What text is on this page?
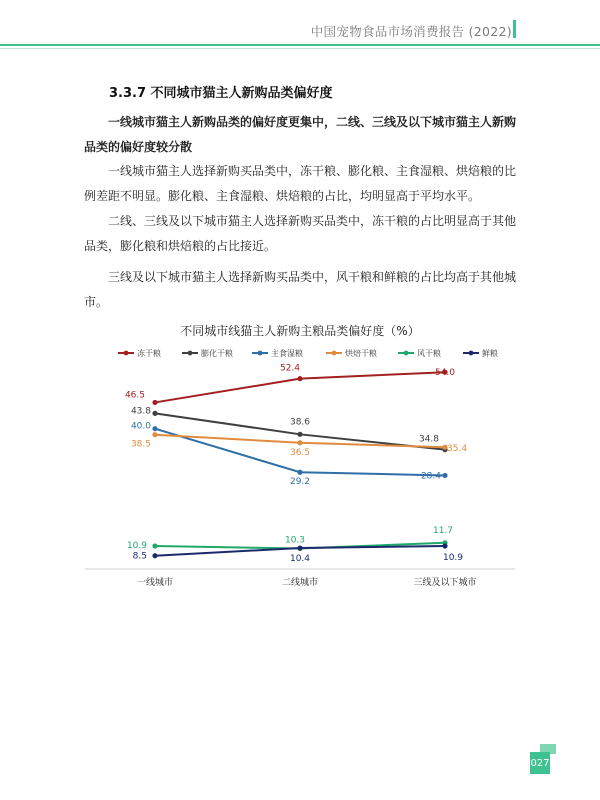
中国宠物食品市场消费报告 (2022)
3.3.7 不同城市猫主人新购品类偏好度

一线城市猫主人新购品类的偏好度更集中，二线、三线及以下城市猫主人新购品类的偏好度较分散

一线城市猫主人选择新购买品类中，冻干粮、膨化粮、主食湿粮、烘焙粮的比例差距不明显。膨化粮、主食湿粮、烘焙粮的占比，均明显高于平均水平。

二线、三线及以下城市猫主人选择新购买品类中，冻干粮的占比明显高于其他品类，膨化粮和烘焙粮的占比接近。

三线及以下城市猫主人选择新购买品类中，风干粮和鲜粮的占比均高于其他城市。

不同城市线猫主人新购主粮品类偏好度（%）
一线城市	二线城市	三线及以下城市
冻干粮	膨化干粮	主食湿粮	烘焙干粮	风干粮	鲜粮
46.5
52.4	54.0
43.8
38.6
34.8
40.0
29.2
28.4
38.5
36.5	35.4
10.9
10.3
11.7
8.5	10.4	10.9
027
